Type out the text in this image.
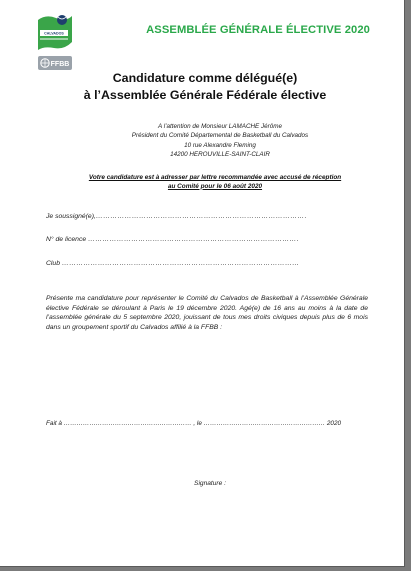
CALVADOS
FFBB
ASSEMBLÉE GÉNÉRALE ÉLECTIVE 2020
Candidature comme délégué(e)
à l’Assemblée Générale Fédérale élective
A l’attention de Monsieur LAMACHE Jérôme
Président du Comité Départemental de Basketball du Calvados
10 rue Alexandre Fleming
14200 HEROUVILLE-SAINT-CLAIR
Votre candidature est à adresser par lettre recommandée avec accusé de réception
au Comité pour le 06 août 2020
Je soussigné(e),…………………………………………………………………………….
N° de licence …………………………………………………………………………….
Club ………………………………………………………………………………………
Présente ma candidature pour représenter le Comité du Calvados de Basketball à l’Assemblée Générale élective Fédérale se déroulant à Paris le 19 décembre 2020. Agé(e) de 16 ans au moins à la date de l’assemblée générale du 5 septembre 2020, jouissant de tous mes droits civiques depuis plus de 6 mois dans un groupement sportif du Calvados affilié à la FFBB :
Fait à …………………………………………………… , le ………………………………………………… 2020
Signature :
